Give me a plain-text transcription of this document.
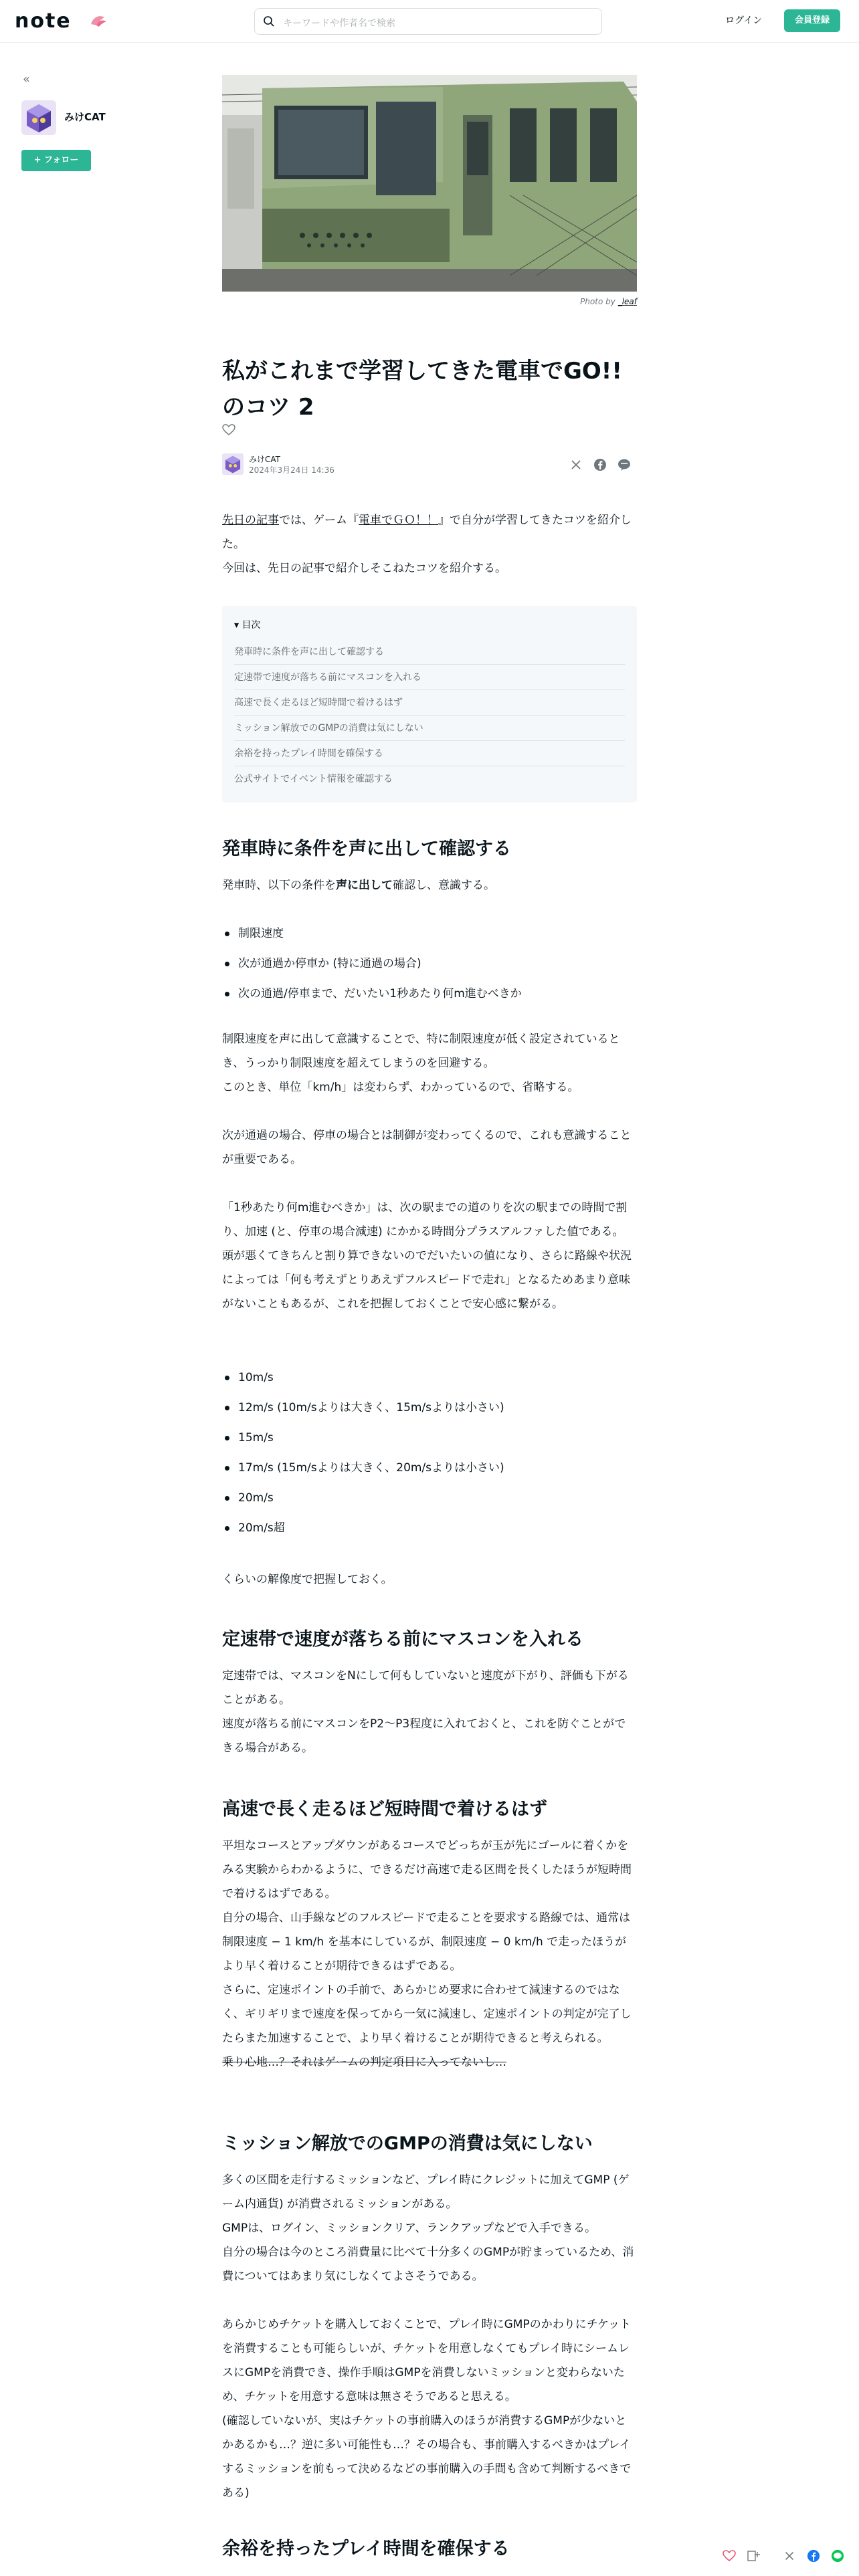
note	キーワードや作者名で検索	ログイン	会員登録
«
みけCAT
+ フォロー
Photo by _leaf
私がこれまで学習してきた電車でGO!!のコツ 2
みけCAT
2024年3月24日 14:36
先日の記事では、ゲーム『電車でＧＯ！！』で自分が学習してきたコツを紹介した。
今回は、先日の記事で紹介しそこねたコツを紹介する。
▾ 目次
発車時に条件を声に出して確認する
定速帯で速度が落ちる前にマスコンを入れる
高速で長く走るほど短時間で着けるはず
ミッション解放でのGMPの消費は気にしない
余裕を持ったプレイ時間を確保する
公式サイトでイベント情報を確認する
発車時に条件を声に出して確認する
発車時、以下の条件を声に出して確認し、意識する。
制限速度
次が通過か停車か (特に通過の場合)
次の通過/停車まで、だいたい1秒あたり何m進むべきか
制限速度を声に出して意識することで、特に制限速度が低く設定されているとき、うっかり制限速度を超えてしまうのを回避する。
このとき、単位「km/h」は変わらず、わかっているので、省略する。
次が通過の場合、停車の場合とは制御が変わってくるので、これも意識することが重要である。
「1秒あたり何m進むべきか」は、次の駅までの道のりを次の駅までの時間で割り、加速 (と、停車の場合減速) にかかる時間分プラスアルファした値である。
頭が悪くてきちんと割り算できないのでだいたいの値になり、さらに路線や状況によっては「何も考えずとりあえずフルスピードで走れ」となるためあまり意味がないこともあるが、これを把握しておくことで安心感に繋がる。
10m/s
12m/s (10m/sよりは大きく、15m/sよりは小さい)
15m/s
17m/s (15m/sよりは大きく、20m/sよりは小さい)
20m/s
20m/s超
くらいの解像度で把握しておく。
定速帯で速度が落ちる前にマスコンを入れる
定速帯では、マスコンをNにして何もしていないと速度が下がり、評価も下がることがある。
速度が落ちる前にマスコンをP2〜P3程度に入れておくと、これを防ぐことができる場合がある。
高速で長く走るほど短時間で着けるはず
平坦なコースとアップダウンがあるコースでどっちが玉が先にゴールに着くかをみる実験からわかるように、できるだけ高速で走る区間を長くしたほうが短時間で着けるはずである。
自分の場合、山手線などのフルスピードで走ることを要求する路線では、通常は制限速度 − 1 km/h を基本にしているが、制限速度 − 0 km/h で走ったほうがより早く着けることが期待できるはずである。
さらに、定速ポイントの手前で、あらかじめ要求に合わせて減速するのではなく、ギリギリまで速度を保ってから一気に減速し、定速ポイントの判定が完了したらまた加速することで、より早く着けることが期待できると考えられる。
乗り心地…？それはゲームの判定項目に入ってないし…
ミッション解放でのGMPの消費は気にしない
多くの区間を走行するミッションなど、プレイ時にクレジットに加えてGMP (ゲーム内通貨) が消費されるミッションがある。
GMPは、ログイン、ミッションクリア、ランクアップなどで入手できる。
自分の場合は今のところ消費量に比べて十分多くのGMPが貯まっているため、消費についてはあまり気にしなくてよさそうである。
あらかじめチケットを購入しておくことで、プレイ時にGMPのかわりにチケットを消費することも可能らしいが、チケットを用意しなくてもプレイ時にシームレスにGMPを消費でき、操作手順はGMPを消費しないミッションと変わらないため、チケットを用意する意味は無さそうであると思える。
(確認していないが、実はチケットの事前購入のほうが消費するGMPが少ないとかあるかも…？逆に多い可能性も…？その場合も、事前購入するべきかはプレイするミッションを前もって決めるなどの事前購入の手間も含めて判断するべきである)
余裕を持ったプレイ時間を確保する
